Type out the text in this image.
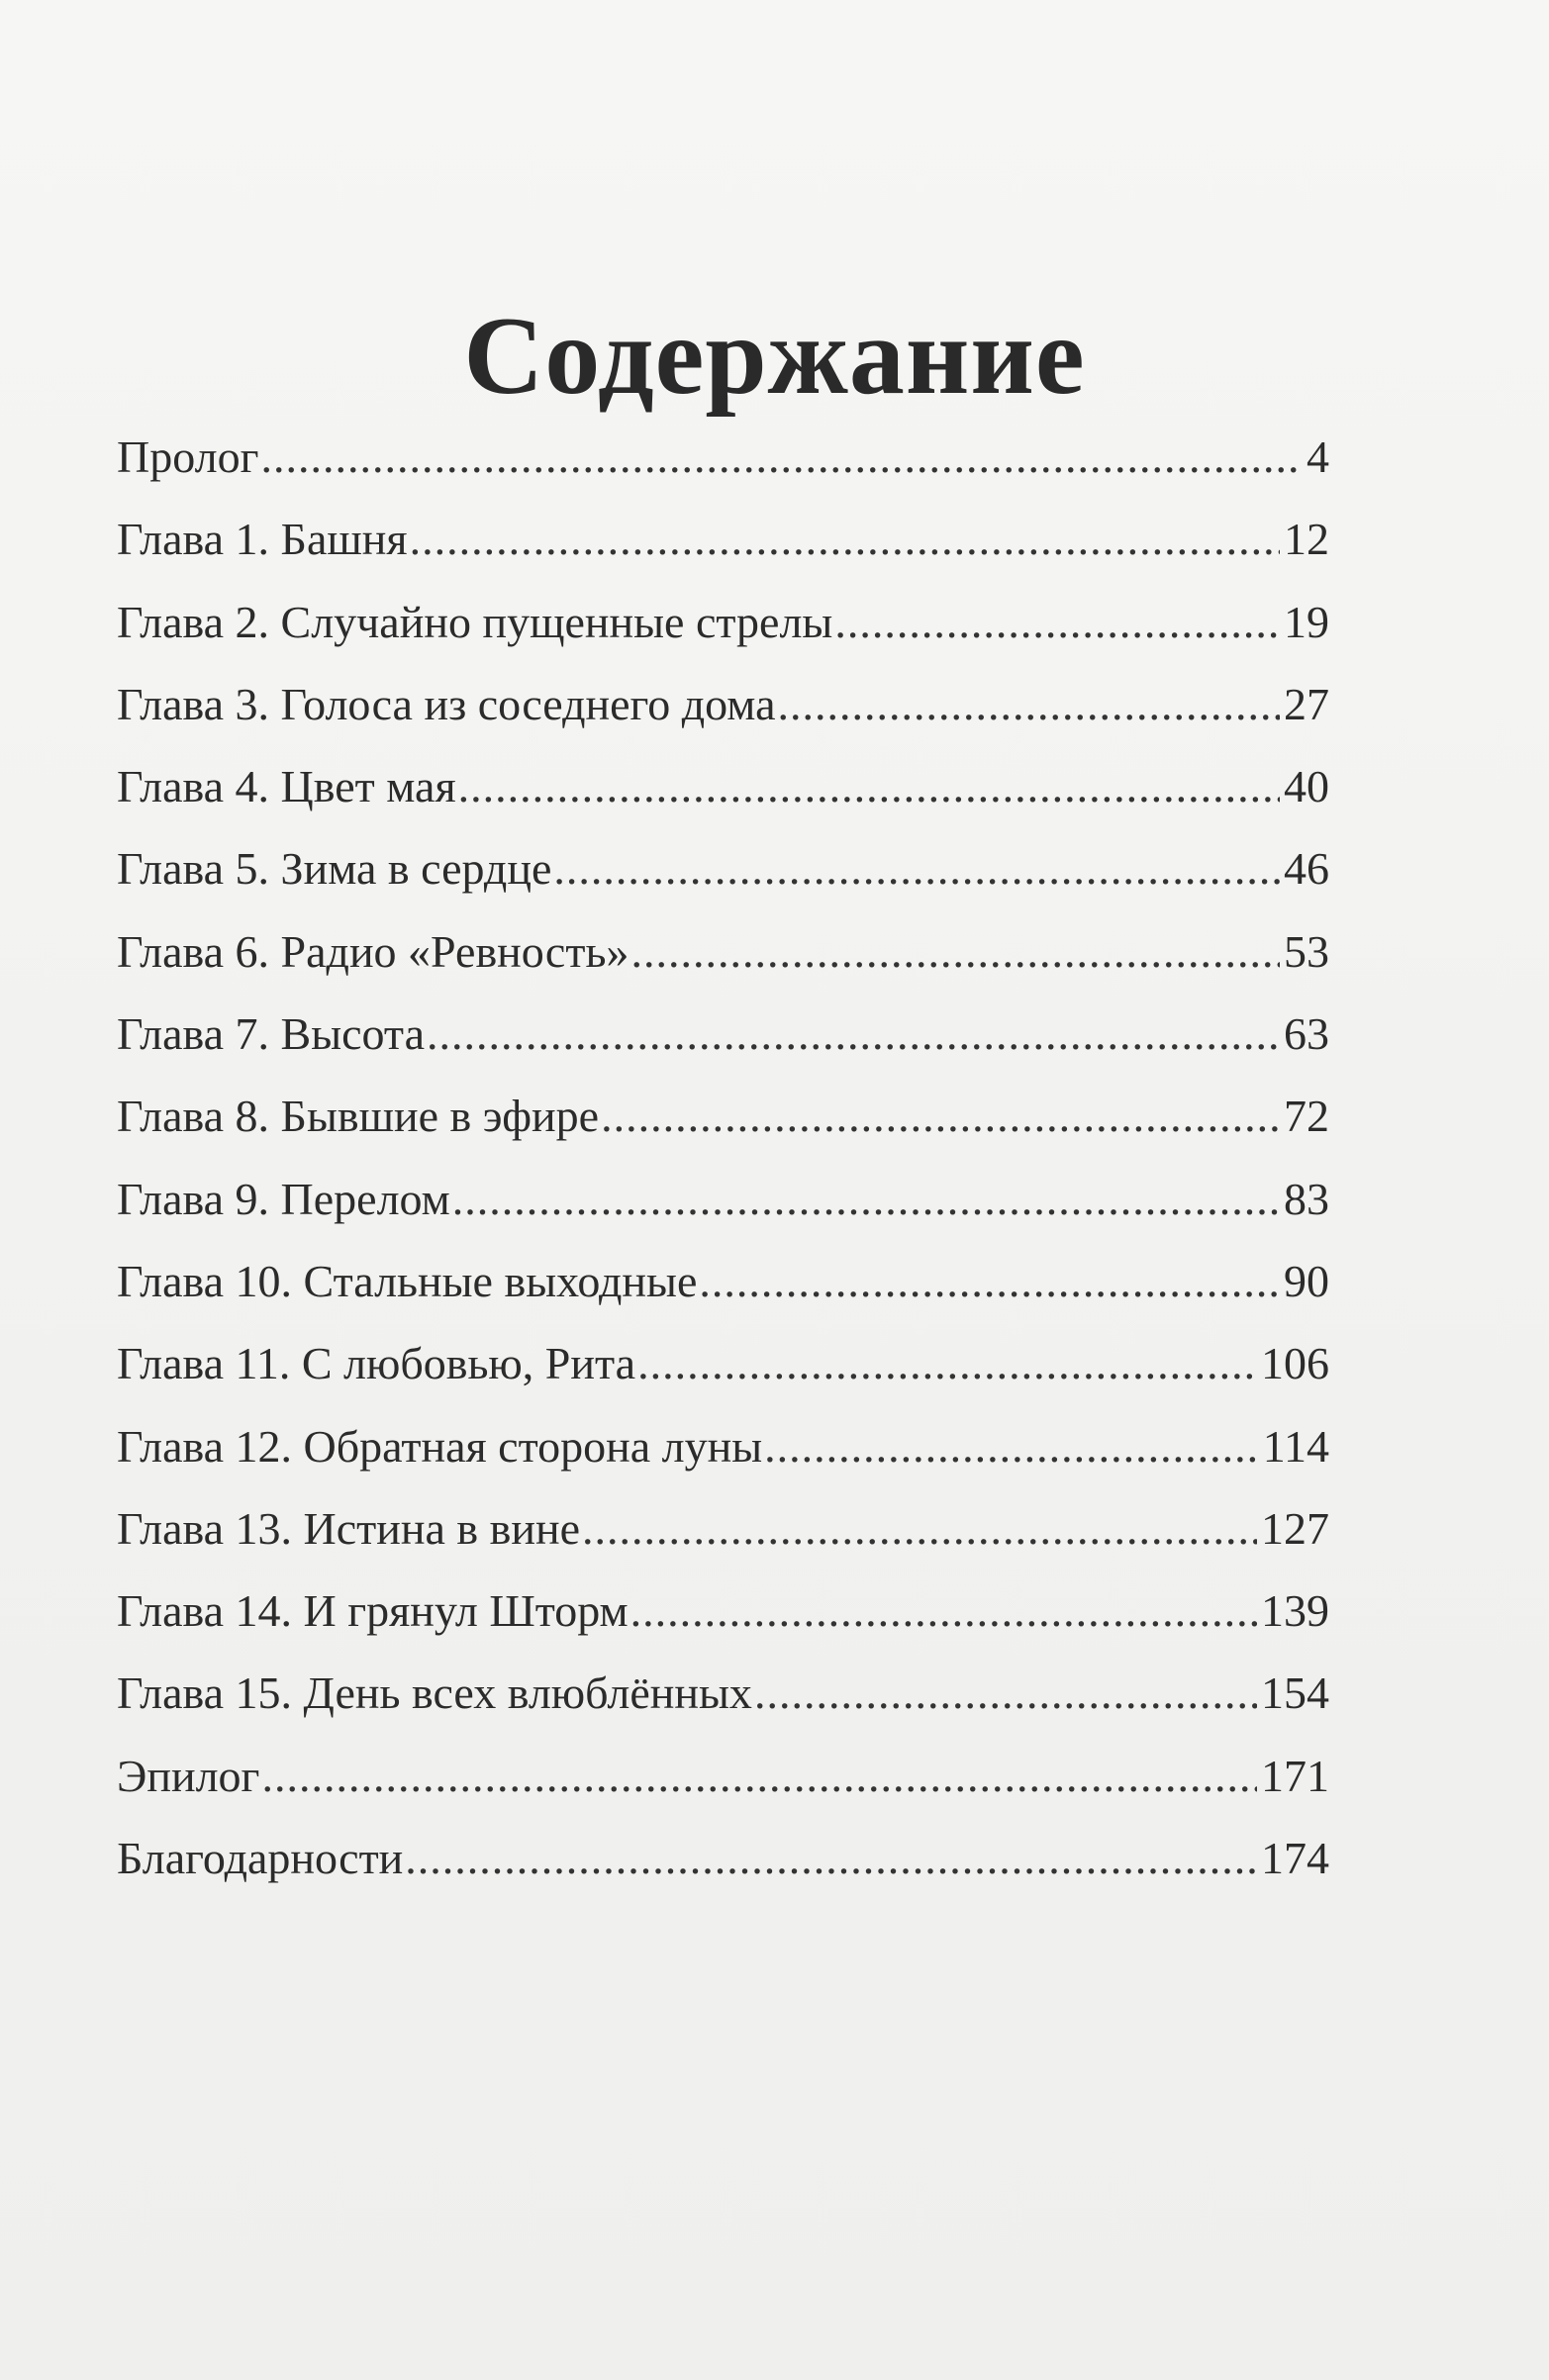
Содержание
Пролог .....	4
Глава 1. Башня .....	12
Глава 2. Случайно пущенные стрелы .....	19
Глава 3. Голоса из соседнего дома .....	27
Глава 4. Цвет мая .....	40
Глава 5. Зима в сердце .....	46
Глава 6. Радио «Ревность» .....	53
Глава 7. Высота .....	63
Глава 8. Бывшие в эфире .....	72
Глава 9. Перелом .....	83
Глава 10. Стальные выходные .....	90
Глава 11. С любовью, Рита .....	106
Глава 12. Обратная сторона луны .....	114
Глава 13. Истина в вине .....	127
Глава 14. И грянул Шторм .....	139
Глава 15. День всех влюблённых .....	154
Эпилог .....	171
Благодарности .....	174
